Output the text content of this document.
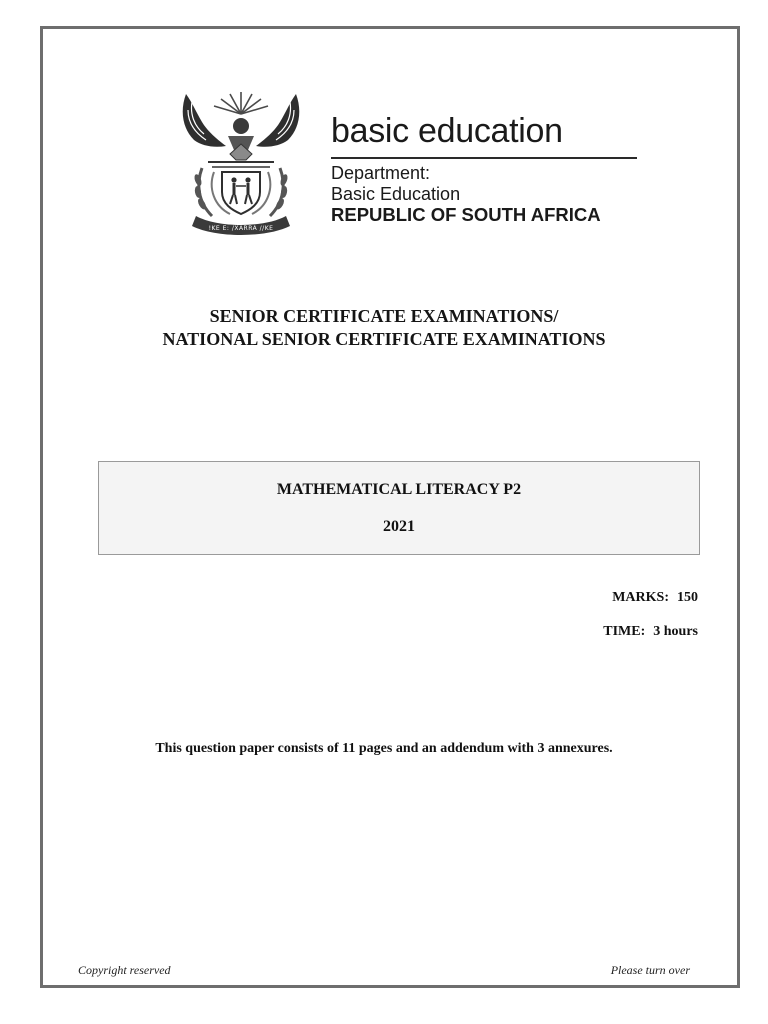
!KE E: /XARRA //KE
basic education
Department:
Basic Education
REPUBLIC OF SOUTH AFRICA
SENIOR CERTIFICATE EXAMINATIONS/
NATIONAL SENIOR CERTIFICATE EXAMINATIONS
MATHEMATICAL LITERACY P2
2021
MARKS: 150
TIME: 3 hours
This question paper consists of 11 pages and an addendum with 3 annexures.
Copyright reserved	Please turn over
